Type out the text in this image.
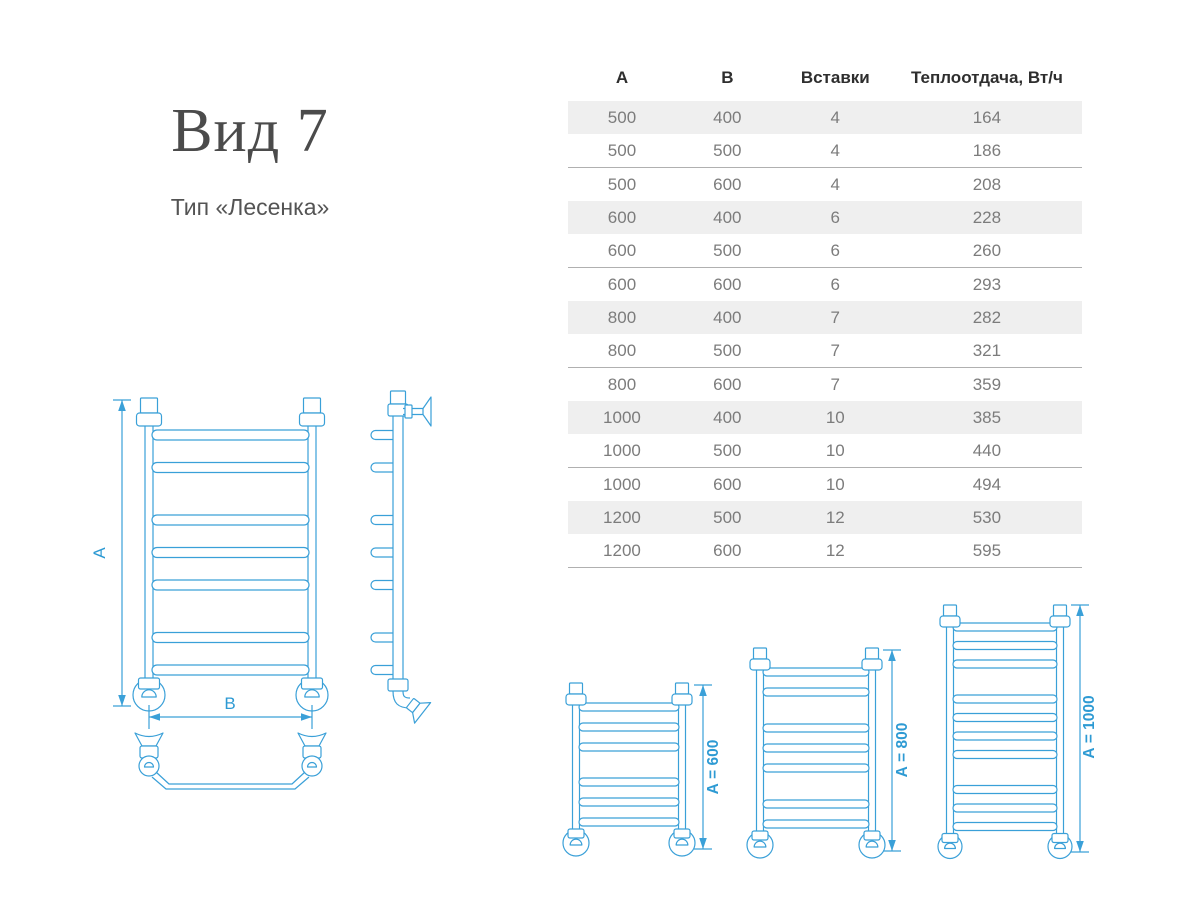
Вид 7
Тип «Лесенка»
А	В	Вставки	Теплоотдача, Вт/ч
500	400	4	164
500	500	4	186
500	600	4	208
600	400	6	228
600	500	6	260
600	600	6	293
800	400	7	282
800	500	7	321
800	600	7	359
1000	400	10	385
1000	500	10	440
1000	600	10	494
1200	500	12	530
1200	600	12	595
А
В
А = 600	А = 800	А = 1000
